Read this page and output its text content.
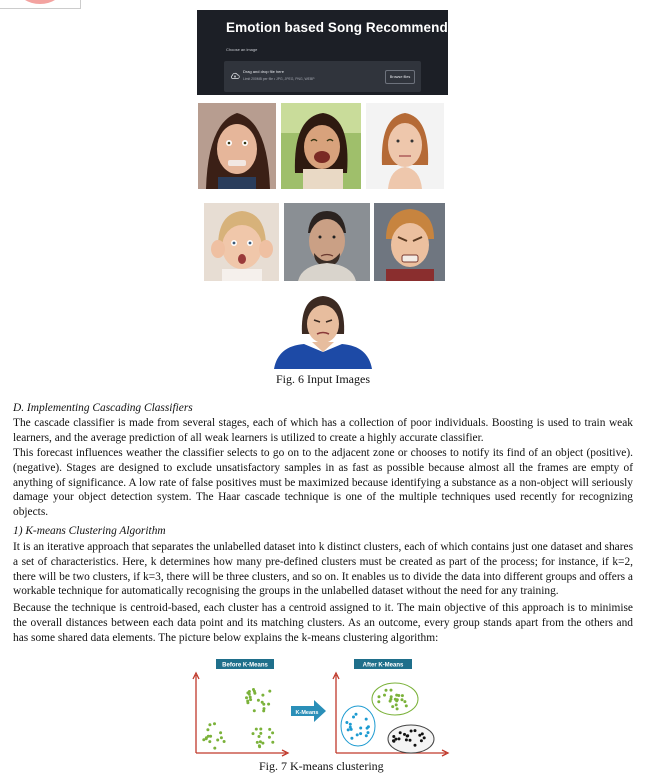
Emotion based Song Recommender
Choose an image
Drag and drop file here
Limit 200MB per file • JPG, JPEG, PNG, WEBP	Browse files
Fig. 6 Input Images
D. Implementing Cascading Classifiers

The cascade classifier is made from several stages, each of which has a collection of poor individuals. Boosting is used to train weak learners, and the average prediction of all weak learners is utilized to create a highly accurate classifier.

This forecast influences weather the classifier selects to go on to the adjacent zone or chooses to notify its find of an object (positive). (negative). Stages are designed to exclude unsatisfactory samples in as fast as possible because almost all the frames are empty of anything of significance. A low rate of false positives must be maximized because identifying a substance as a non-object will seriously damage your object detection system. The Haar cascade technique is one of the multiple techniques used recently for recognizing objects.

1) K-means Clustering Algorithm

It is an iterative approach that separates the unlabelled dataset into k distinct clusters, each of which contains just one dataset and shares a set of characteristics. Here, k determines how many pre-defined clusters must be created as part of the process; for instance, if k=2, there will be two clusters, if k=3, there will be three clusters, and so on. It enables us to divide the data into different groups and offers a workable technique for automatically recognising the groups in the unlabelled dataset without the need for any training.

Because the technique is centroid-based, each cluster has a centroid assigned to it. The main objective of this approach is to minimise the overall distances between each data point and its matching clusters. As an outcome, every group stands apart from the others and has some shared data elements. The picture below explains the k-means clustering algorithm:

Before K-Means
K-Means
After K-Means
Fig. 7 K-means clustering
